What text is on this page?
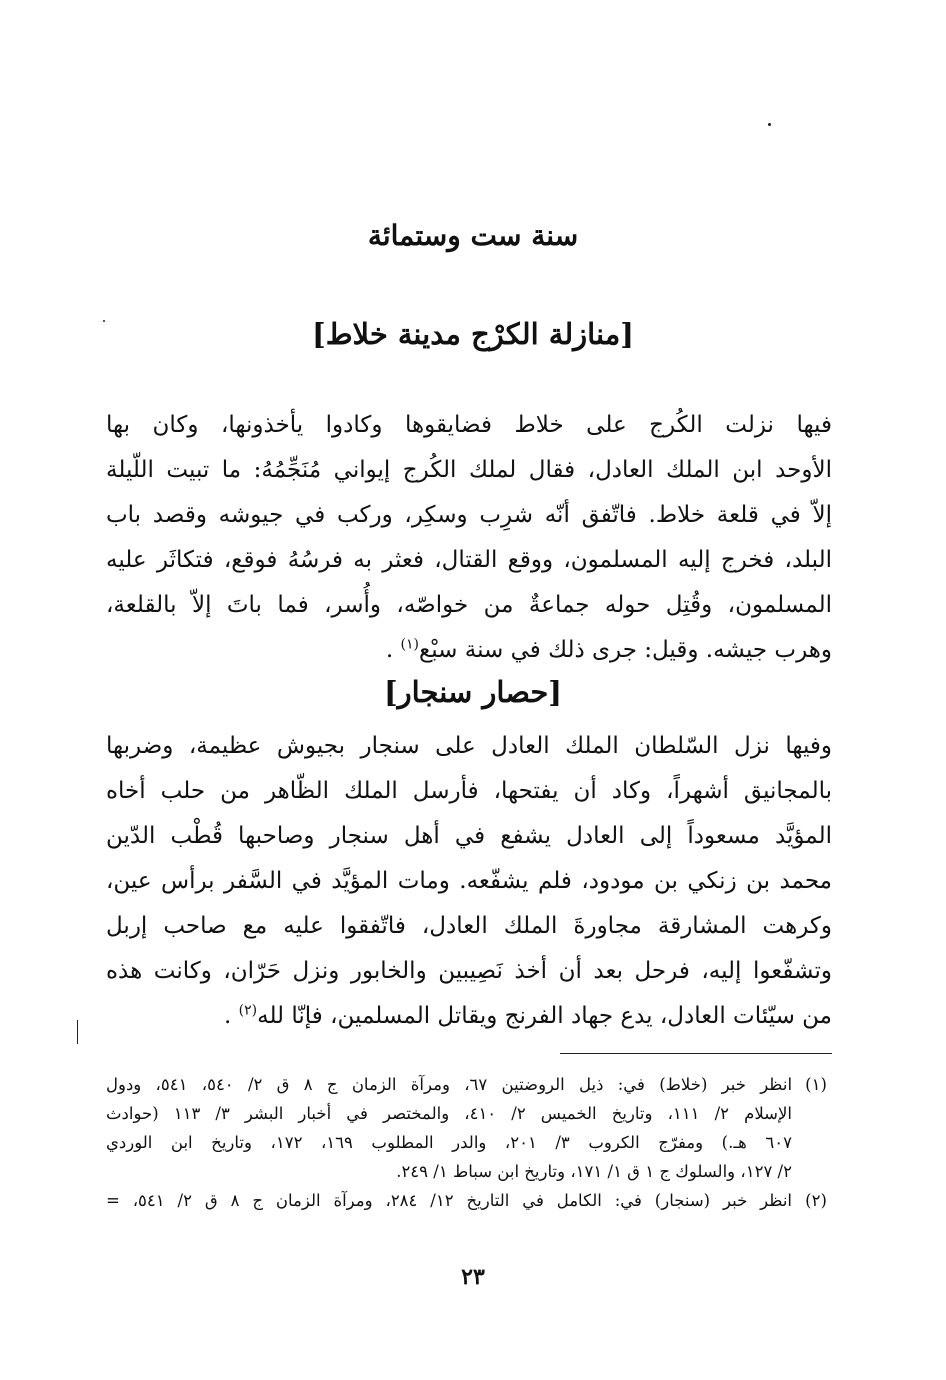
سنة ست وستمائة
[منازلة الكرْج مدينة خلاط]
فيها نزلت الكُرج على خلاط فضايقوها وكادوا يأخذونها، وكان بها
الأوحد ابن الملك العادل، فقال لملك الكُرج إيواني مُنَجِّمُهُ: ما تبيت اللّيلة
إلاّ في قلعة خلاط. فاتّفق أنّه شرِب وسكِر، وركب في جيوشه وقصد باب
البلد، فخرج إليه المسلمون، ووقع القتال، فعثر به فرسُهُ فوقع، فتكاثَر عليه
المسلمون، وقُتِل حوله جماعةٌ من خواصّه، وأُسر، فما باتَ إلاّ بالقلعة،
وهرب جيشه. وقيل: جرى ذلك في سنة سبْع$^{(١)}$ .
[حصار سنجار]
وفيها نزل السّلطان الملك العادل على سنجار بجيوش عظيمة، وضربها
بالمجانيق أشهراً، وكاد أن يفتحها، فأرسل الملك الظّاهر من حلب أخاه
المؤيَّد مسعوداً إلى العادل يشفع في أهل سنجار وصاحبها قُطْب الدّين
محمد بن زنكي بن مودود، فلم يشفّعه. ومات المؤيَّد في السَّفر برأس عين،
وكرهت المشارقة مجاورةَ الملك العادل، فاتّفقوا عليه مع صاحب إربل
وتشفّعوا إليه، فرحل بعد أن أخذ نَصِيبين والخابور ونزل حَرّان، وكانت هذه
من سيّئات العادل، يدع جهاد الفرنج ويقاتل المسلمين، فإنّا لله$^{(٢)}$ .
(١)
انظر خبر (خلاط) في: ذيل الروضتين ٦٧، ومرآة الزمان ج ٨ ق ٢/ ٥٤٠، ٥٤١، ودول
الإسلام ٢/ ١١١، وتاريخ الخميس ٢/ ٤١٠، والمختصر في أخبار البشر ٣/ ١١٣ (حوادث
٦٠٧ هـ.) ومفرّج الكروب ٣/ ٢٠١، والدر المطلوب ١٦٩، ١٧٢، وتاريخ ابن الوردي
٢/ ١٢٧، والسلوك ج ١ ق ١/ ١٧١، وتاريخ ابن سباط ١/ ٢٤٩.
(٢)
انظر خبر (سنجار) في: الكامل في التاريخ ١٢/ ٢٨٤، ومرآة الزمان ج ٨ ق ٢/ ٥٤١، =
٢٣
